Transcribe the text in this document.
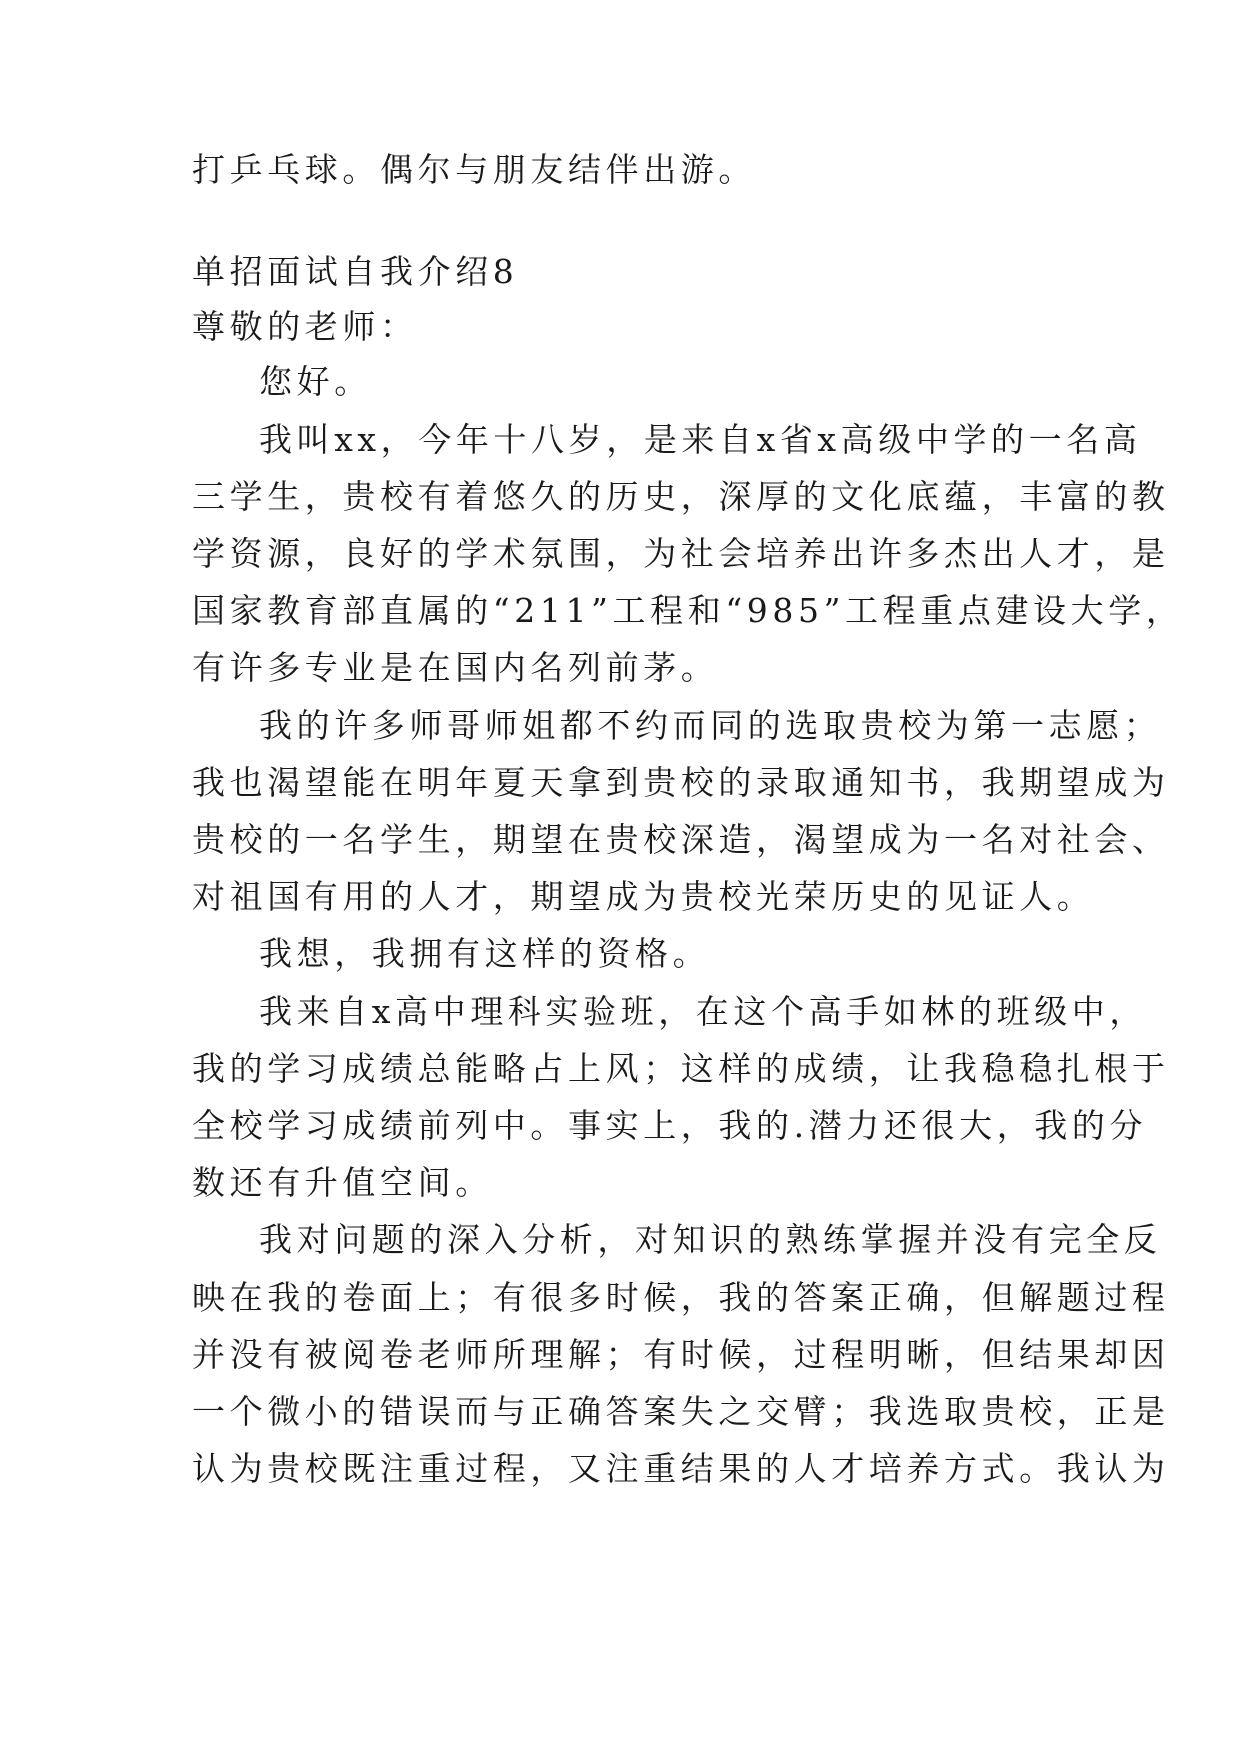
打乒乓球。偶尔与朋友结伴出游。
单招面试自我介绍8
尊敬的老师：
您好。
我叫xx，今年十八岁，是来自x省x高级中学的一名高
三学生，贵校有着悠久的历史，深厚的文化底蕴，丰富的教
学资源，良好的学术氛围，为社会培养出许多杰出人才，是
国家教育部直属的“211”工程和“985”工程重点建设大学，
有许多专业是在国内名列前茅。
我的许多师哥师姐都不约而同的选取贵校为第一志愿；
我也渴望能在明年夏天拿到贵校的录取通知书，我期望成为
贵校的一名学生，期望在贵校深造，渴望成为一名对社会、
对祖国有用的人才，期望成为贵校光荣历史的见证人。
我想，我拥有这样的资格。
我来自x高中理科实验班，在这个高手如林的班级中，
我的学习成绩总能略占上风；这样的成绩，让我稳稳扎根于
全校学习成绩前列中。事实上，我的.潜力还很大，我的分
数还有升值空间。
我对问题的深入分析，对知识的熟练掌握并没有完全反
映在我的卷面上；有很多时候，我的答案正确，但解题过程
并没有被阅卷老师所理解；有时候，过程明晰，但结果却因
一个微小的错误而与正确答案失之交臂；我选取贵校，正是
认为贵校既注重过程，又注重结果的人才培养方式。我认为
